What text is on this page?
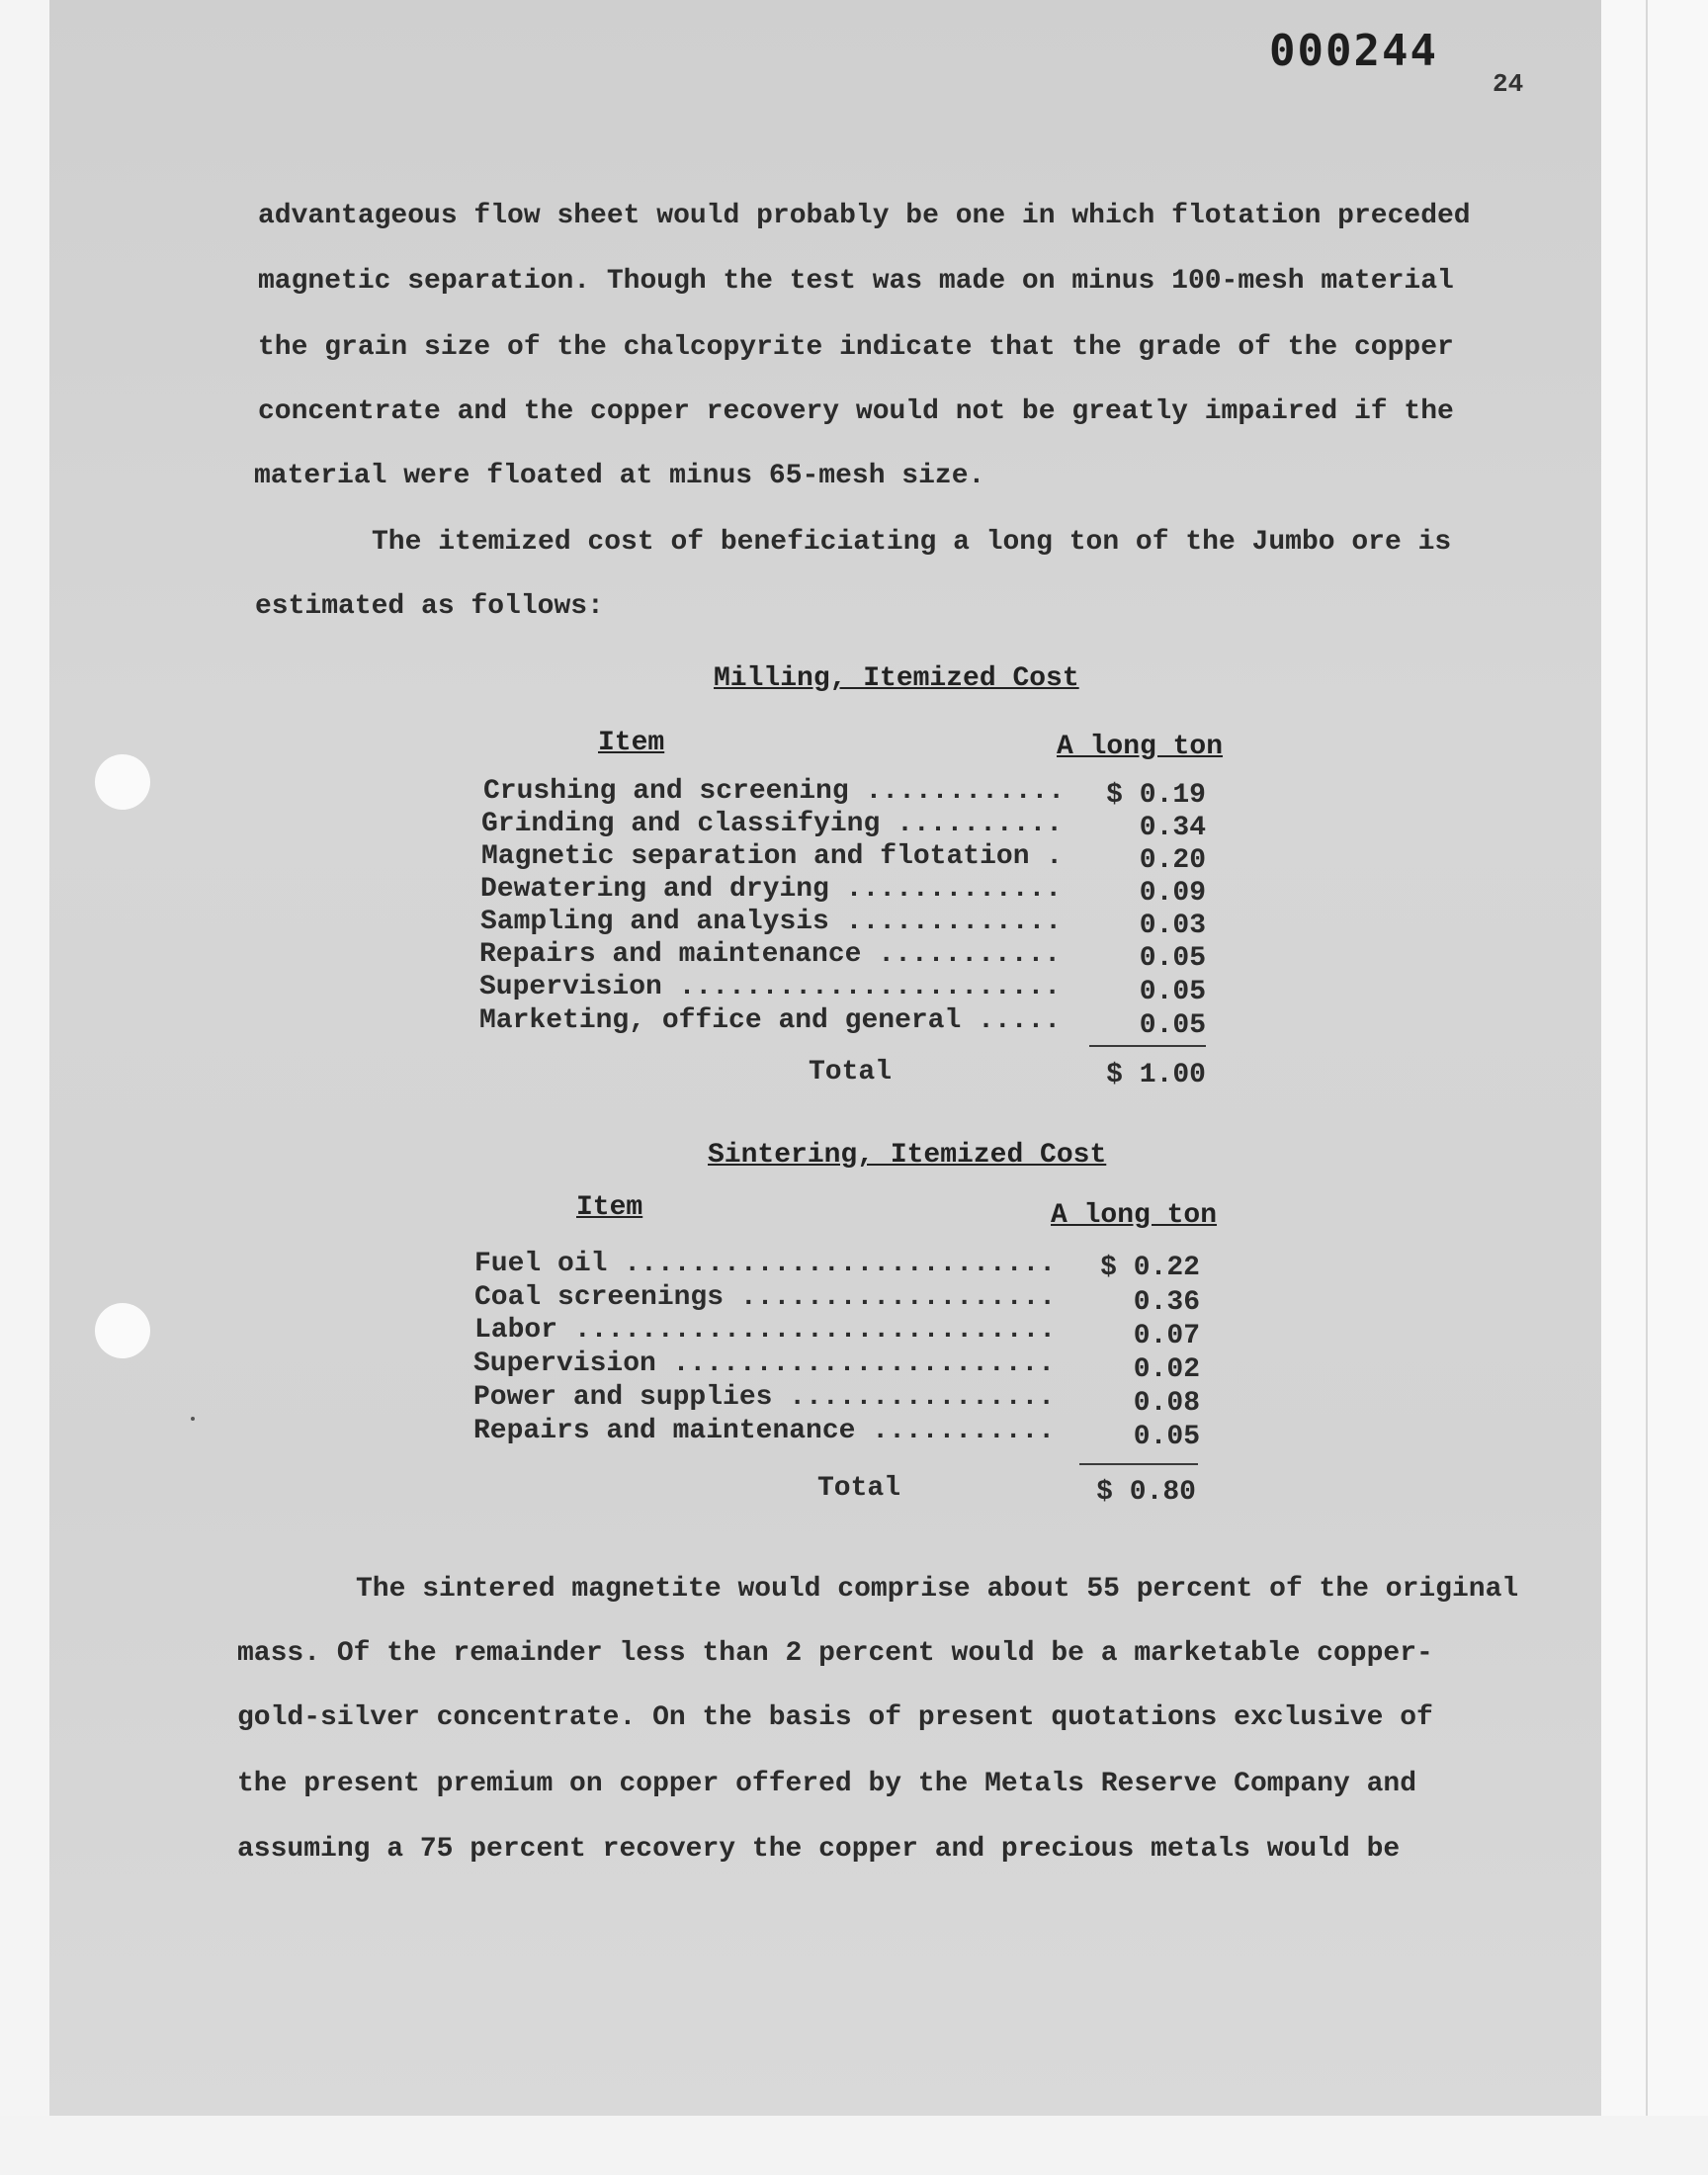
000244
24
advantageous flow sheet would probably be one in which flotation preceded
magnetic separation. Though the test was made on minus 100-mesh material
the grain size of the chalcopyrite indicate that the grade of the copper
concentrate and the copper recovery would not be greatly impaired if the
material were floated at minus 65-mesh size.
The itemized cost of beneficiating a long ton of the Jumbo ore is
estimated as follows:
Milling, Itemized Cost
Item	A long ton
Crushing and screening ............	$ 0.19
Grinding and classifying ..........	0.34
Magnetic separation and flotation .	0.20
Dewatering and drying .............	0.09
Sampling and analysis .............	0.03
Repairs and maintenance ...........	0.05
Supervision .......................	0.05
Marketing, office and general .....	0.05
Total	$ 1.00
Sintering, Itemized Cost
Item	A long ton
Fuel oil ..........................	$ 0.22
Coal screenings ...................	0.36
Labor .............................	0.07
Supervision .......................	0.02
Power and supplies ................	0.08
Repairs and maintenance ...........	0.05
Total	$ 0.80
The sintered magnetite would comprise about 55 percent of the original
mass. Of the remainder less than 2 percent would be a marketable copper-
gold-silver concentrate. On the basis of present quotations exclusive of
the present premium on copper offered by the Metals Reserve Company and
assuming a 75 percent recovery the copper and precious metals would be
